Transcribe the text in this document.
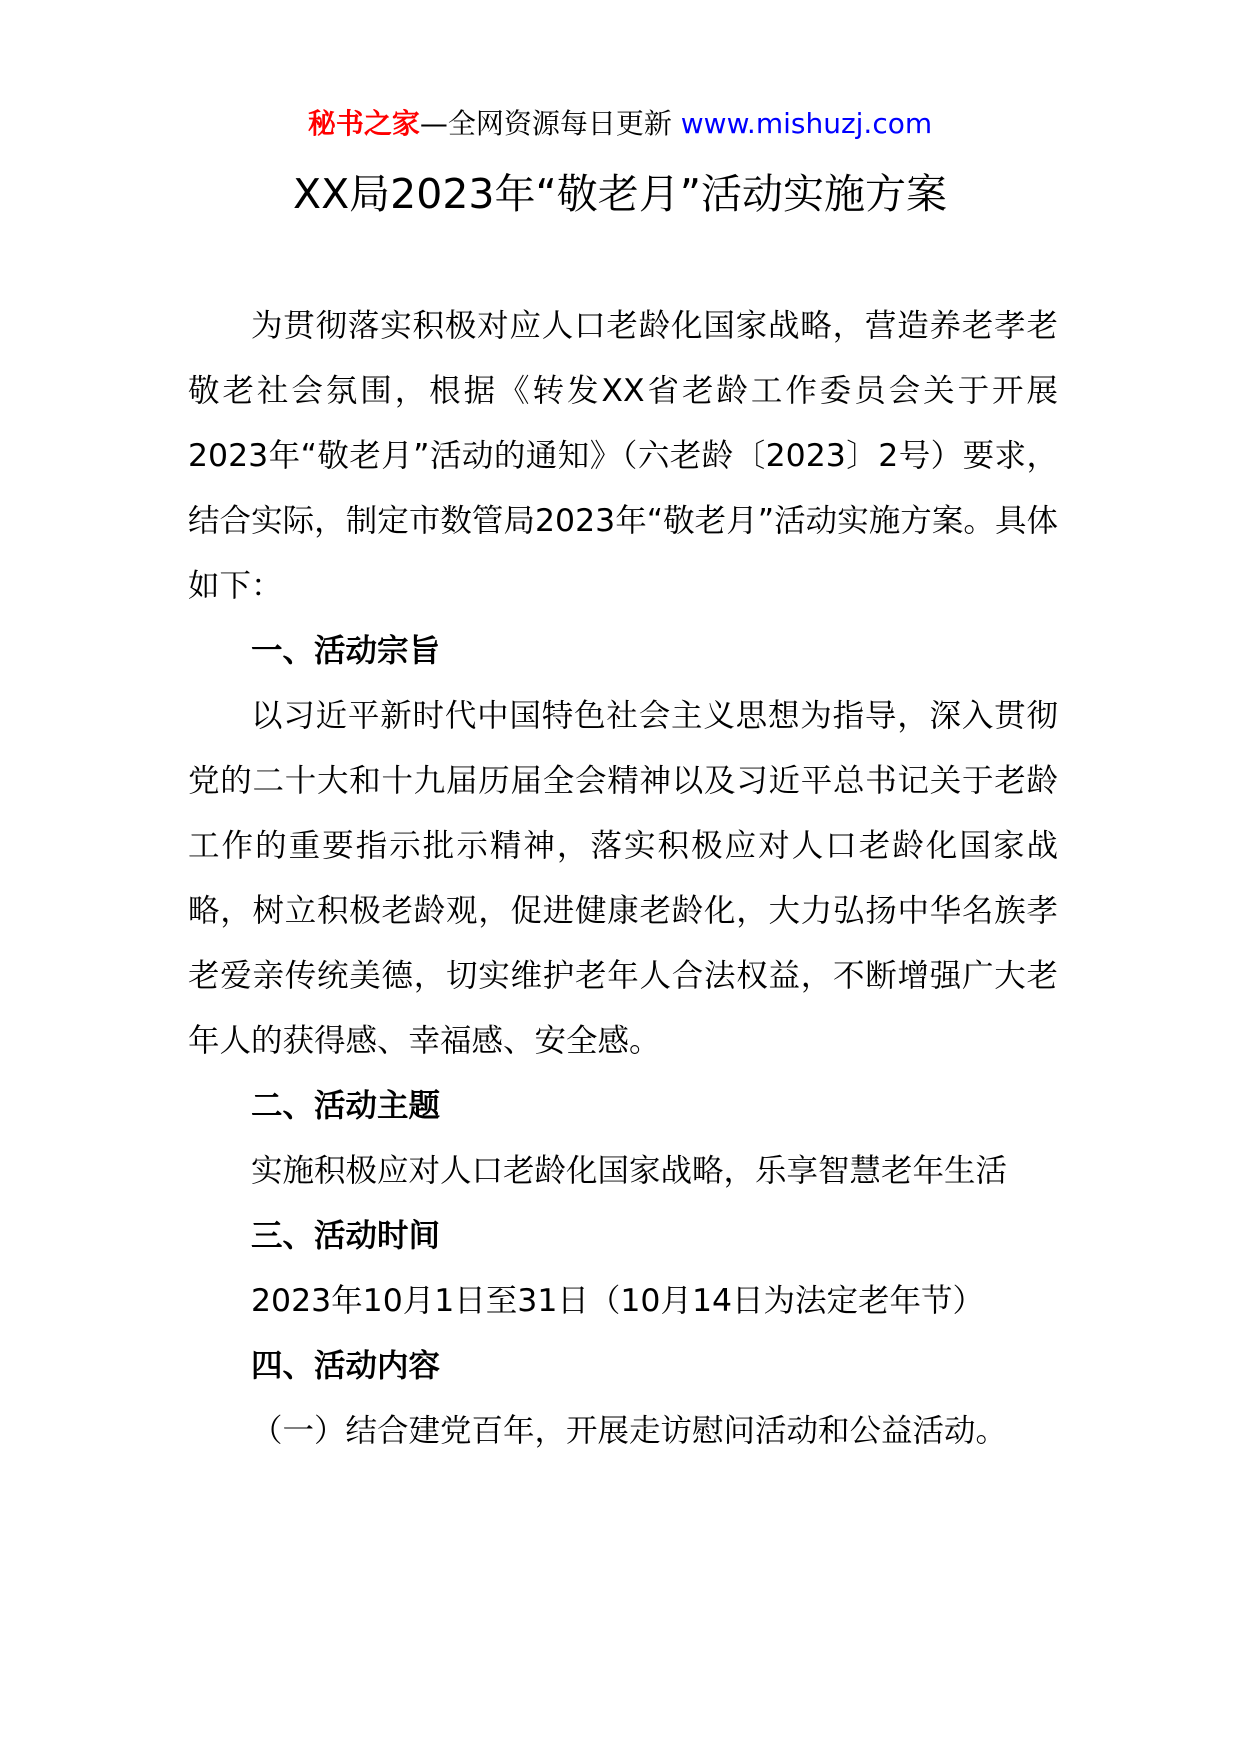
秘书之家—全网资源每日更新 www.mishuzj.com
XX局2023年“敬老月”活动实施方案

为贯彻落实积极对应人口老龄化国家战略，营造养老孝老敬老社会氛围，根据《转发XX省老龄工作委员会关于开展2023年“敬老月”活动的通知》（六老龄〔2023〕2号）要求，结合实际，制定市数管局2023年“敬老月”活动实施方案。具体如下：

一、活动宗旨

以习近平新时代中国特色社会主义思想为指导，深入贯彻党的二十大和十九届历届全会精神以及习近平总书记关于老龄工作的重要指示批示精神，落实积极应对人口老龄化国家战略，树立积极老龄观，促进健康老龄化，大力弘扬中华名族孝老爱亲传统美德，切实维护老年人合法权益，不断增强广大老年人的获得感、幸福感、安全感。

二、活动主题

实施积极应对人口老龄化国家战略，乐享智慧老年生活

三、活动时间

2023年10月1日至31日（10月14日为法定老年节）

四、活动内容

（一）结合建党百年，开展走访慰问活动和公益活动。
